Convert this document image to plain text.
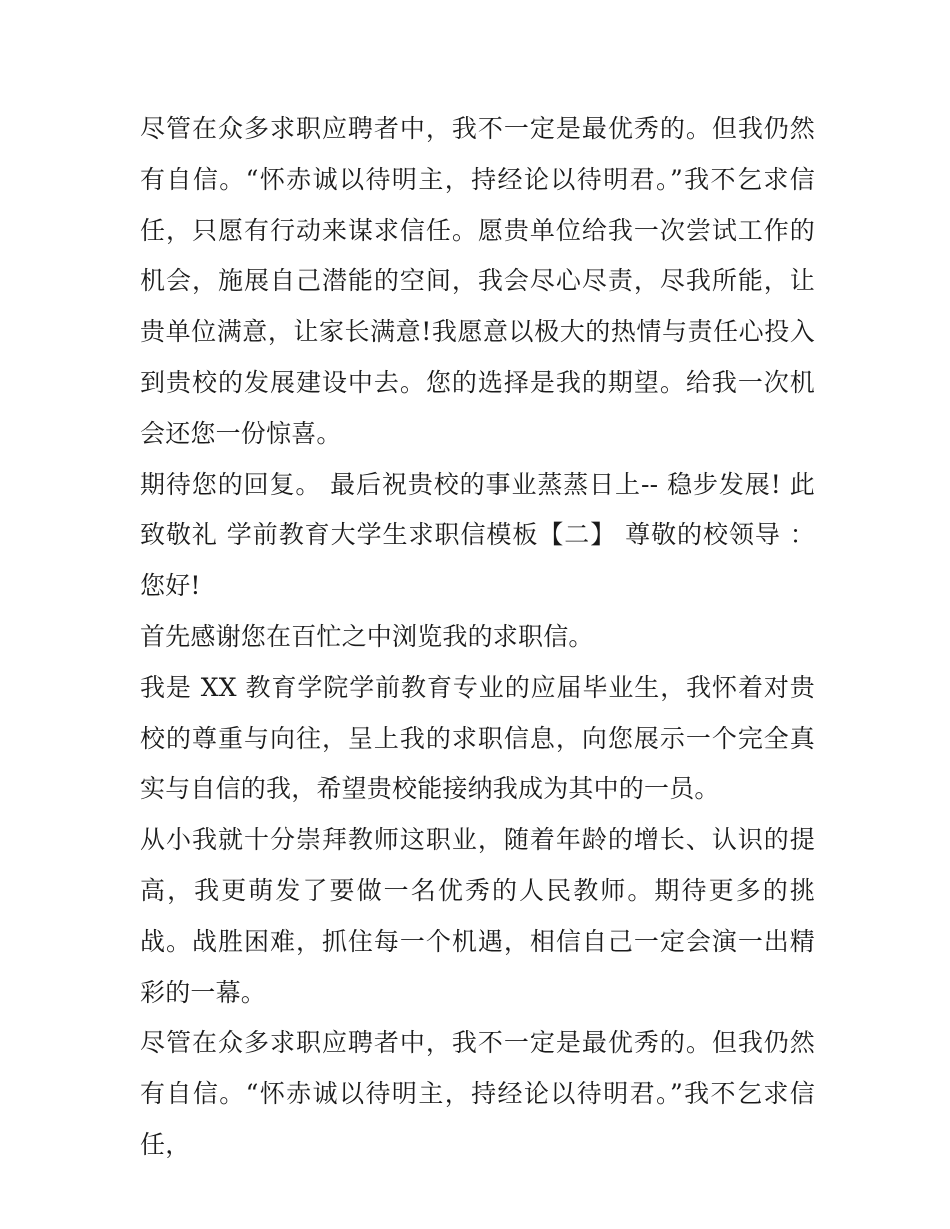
尽管在众多求职应聘者中，我不一定是最优秀的。但我仍然有自信。“怀赤诚以待明主，持经论以待明君。”我不乞求信任，只愿有行动来谋求信任。愿贵单位给我一次尝试工作的机会，施展自己潜能的空间，我会尽心尽责，尽我所能，让贵单位满意，让家长满意!我愿意以极大的热情与责任心投入到贵校的发展建设中去。您的选择是我的期望。给我一次机会还您一份惊喜。

期待您的回复。 最后祝贵校的事业蒸蒸日上-- 稳步发展! 此致敬礼 学前教育大学生求职信模板【二】 尊敬的校领导 ： 您好!

首先感谢您在百忙之中浏览我的求职信。

我是 XX 教育学院学前教育专业的应届毕业生，我怀着对贵校的尊重与向往，呈上我的求职信息，向您展示一个完全真实与自信的我，希望贵校能接纳我成为其中的一员。

从小我就十分崇拜教师这职业，随着年龄的增长、认识的提高，我更萌发了要做一名优秀的人民教师。期待更多的挑战。战胜困难，抓住每一个机遇，相信自己一定会演一出精彩的一幕。

尽管在众多求职应聘者中，我不一定是最优秀的。但我仍然有自信。“怀赤诚以待明主，持经论以待明君。”我不乞求信任，
